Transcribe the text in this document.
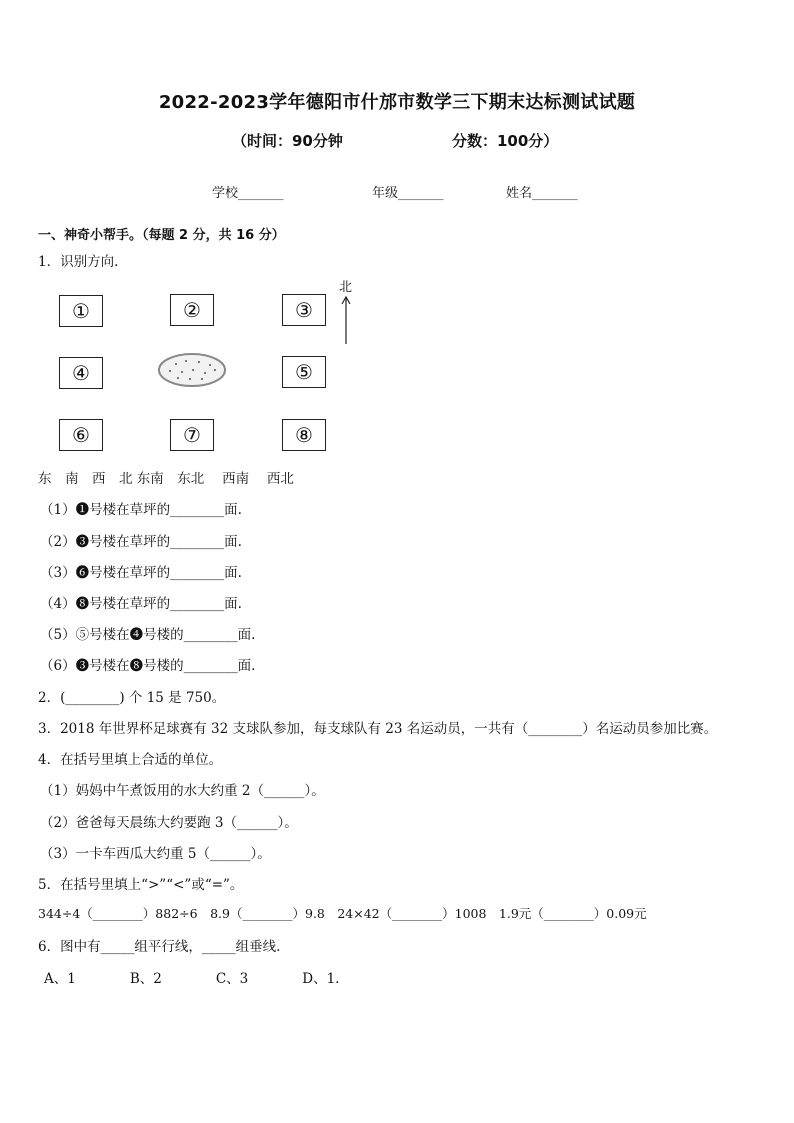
2022-2023学年德阳市什邡市数学三下期末达标测试试题
（时间：90分钟	分数：100分）
学校_______	年级_______	姓名_______
一、神奇小帮手。（每题 2 分，共 16 分）
1．识别方向.
①	②	③
④	⑤
⑥	⑦	⑧
北
东　南　西　北 东南　东北　 西南　 西北
（1）❶号楼在草坪的________面.
（2）❸号楼在草坪的________面.
（3）❻号楼在草坪的________面.
（4）❽号楼在草坪的________面.
（5）⑤号楼在❹号楼的________面.
（6）❸号楼在❽号楼的________面.
2．(________) 个 15 是 750。
3．2018 年世界杯足球赛有 32 支球队参加，每支球队有 23 名运动员，一共有（________）名运动员参加比赛。
4．在括号里填上合适的单位。
（1）妈妈中午煮饭用的水大约重 2（______）。
（2）爸爸每天晨练大约要跑 3（______）。
（3）一卡车西瓜大约重 5（______）。
5．在括号里填上“>”“<”或“=”。
344÷4（________）882÷6　8.9（________）9.8　24×42（________）1008　1.9元（________）0.09元
6．图中有_____组平行线，_____组垂线.
A、1　　　　B、2　　　　C、3　　　　D、1.
